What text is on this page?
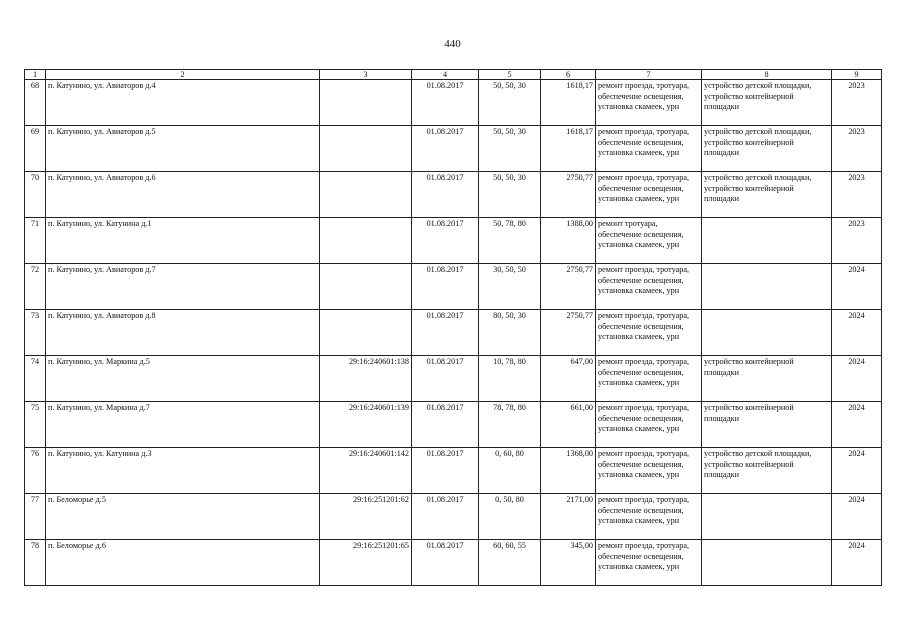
440
1	2	3	4	5	6	7	8	9
68	п. Катунино, ул. Авиаторов д.4		01.08.2017	50, 50, 30	1618,17	ремонт проезда, тротуара, обеспечение освещения, установка скамеек, урн	устройство детской площадки, устройство контейнерной площадки	2023
69	п. Катунино, ул. Авиаторов д.5		01.08.2017	50, 50, 30	1618,17	ремонт проезда, тротуара, обеспечение освещения, установка скамеек, урн	устройство детской площадки, устройство контейнерной площадки	2023
70	п. Катунино, ул. Авиаторов д.6		01.08.2017	50, 50, 30	2750,77	ремонт проезда, тротуара, обеспечение освещения, установка скамеек, урн	устройство детской площадки, устройство контейнерной площадки	2023
71	п. Катунино, ул. Катунина д.1		01.08.2017	50, 78, 80	1388,00	ремонт тротуара, обеспечение освещения, установка скамеек, урн		2023
72	п. Катунино, ул. Авиаторов д.7		01.08.2017	30, 50, 50	2750,77	ремонт проезда, тротуара, обеспечение освещения, установка скамеек, урн		2024
73	п. Катунино, ул. Авиаторов д.8		01.08.2017	80, 50, 30	2750,77	ремонт проезда, тротуара, обеспечение освещения, установка скамеек, урн		2024
74	п. Катунино, ул. Маркина д.5	29:16:240601:138	01.08.2017	10, 78, 80	647,00	ремонт проезда, тротуара, обеспечение освещения, установка скамеек, урн	устройство контейнерной площадки	2024
75	п. Катунино, ул. Маркина д.7	29:16:240601:139	01.08.2017	78, 78, 80	661,00	ремонт проезда, тротуара, обеспечение освещения, установка скамеек, урн	устройство контейнерной площадки	2024
76	п. Катунино, ул. Катунина д.3	29:16:240601:142	01.08.2017	0, 60, 80	1368,00	ремонт проезда, тротуара, обеспечение освещения, установка скамеек, урн	устройство детской площадки, устройство контейнерной площадки	2024
77	п. Беломорье д.5	29:16:251201:62	01.08.2017	0, 50, 80	2171,00	ремонт проезда, тротуара, обеспечение освещения, установка скамеек, урн		2024
78	п. Беломорье д.6	29:16:251201:65	01.08.2017	60, 60, 55	345,00	ремонт проезда, тротуара, обеспечение освещения, установка скамеек, урн		2024
